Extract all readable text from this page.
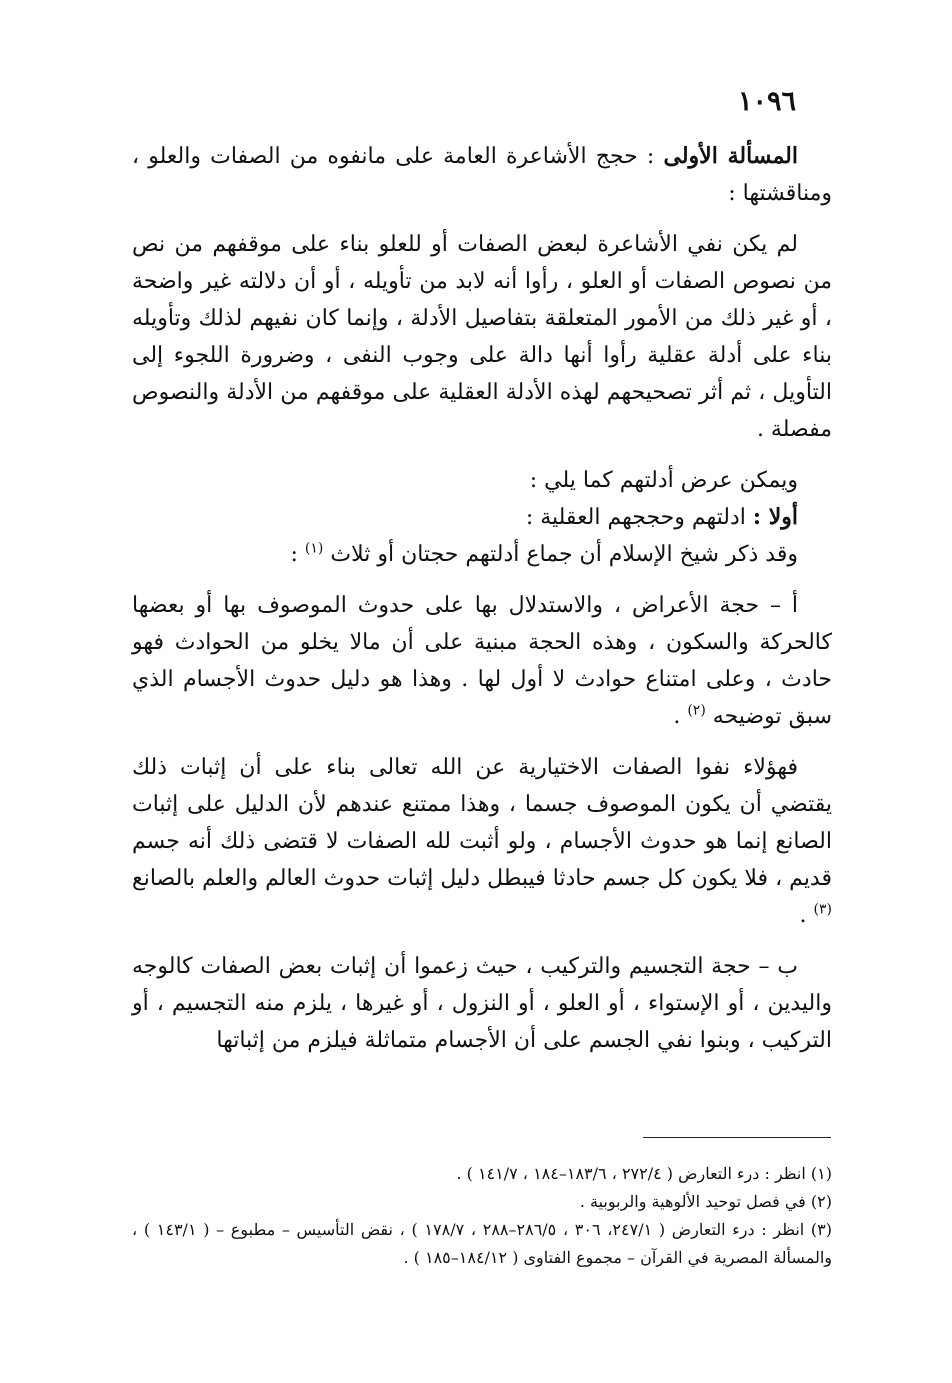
١٠٩٦

المسألة الأولى : حجج الأشاعرة العامة على مانفوه من الصفات والعلو ، ومناقشتها :

لم يكن نفي الأشاعرة لبعض الصفات أو للعلو بناء على موقفهم من نص من نصوص الصفات أو العلو ، رأوا أنه لابد من تأويله ، أو أن دلالته غير واضحة ، أو غير ذلك من الأمور المتعلقة بتفاصيل الأدلة ، وإنما كان نفيهم لذلك وتأويله بناء على أدلة عقلية رأوا أنها دالة على وجوب النفى ، وضرورة اللجوء إلى التأويل ، ثم أثر تصحيحهم لهذه الأدلة العقلية على موقفهم من الأدلة والنصوص مفصلة .

ويمكن عرض أدلتهم كما يلي :

أولا : ادلتهم وحججهم العقلية :

وقد ذكر شيخ الإسلام أن جماع أدلتهم حجتان أو ثلاث $^{(١)}$ :

أ – حجة الأعراض ، والاستدلال بها على حدوث الموصوف بها أو بعضها كالحركة والسكون ، وهذه الحجة مبنية على أن مالا يخلو من الحوادث فهو حادث ، وعلى امتناع حوادث لا أول لها . وهذا هو دليل حدوث الأجسام الذي سبق توضيحه $^{(٢)}$ .

فهؤلاء نفوا الصفات الاختيارية عن الله تعالى بناء على أن إثبات ذلك يقتضي أن يكون الموصوف جسما ، وهذا ممتنع عندهم لأن الدليل على إثبات الصانع إنما هو حدوث الأجسام ، ولو أثبت لله الصفات لا قتضى ذلك أنه جسم قديم ، فلا يكون كل جسم حادثا فيبطل دليل إثبات حدوث العالم والعلم بالصانع $^{(٣)}$ .

ب – حجة التجسيم والتركيب ، حيث زعموا أن إثبات بعض الصفات كالوجه واليدين ، أو الإستواء ، أو العلو ، أو النزول ، أو غيرها ، يلزم منه التجسيم ، أو التركيب ، وبنوا نفي الجسم على أن الأجسام متماثلة فيلزم من إثباتها

(١) انظر : درء التعارض ( ٢٧٢/٤ ، ١٨٣/٦–١٨٤ ، ١٤١/٧ ) .
(٢) في فصل توحيد الألوهية والربوبية .
(٣) انظر : درء التعارض ( ٢٤٧/١، ٣٠٦ ، ٢٨٦/٥–٢٨٨ ، ١٧٨/٧ ) ، نقض التأسيس – مطبوع – ( ١٤٣/١ ) ، والمسألة المصرية في القرآن – مجموع الفتاوى ( ١٨٤/١٢–١٨٥ ) .
